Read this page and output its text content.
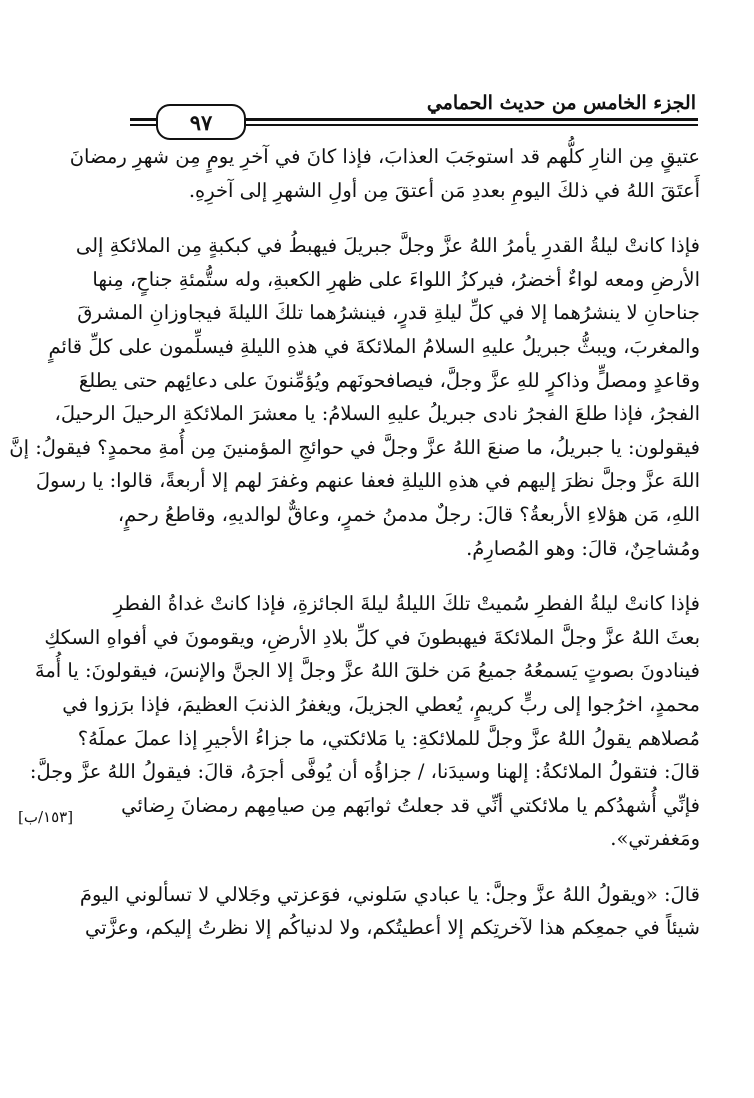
الجزء الخامس من حديث الحمامي
٩٧
[١٥٣/ب]
عتيقٍ مِن النارِ كلُّهم قد استوجَبَ العذابَ، فإذا كانَ في آخرِ يومٍ مِن شهرِ رمضانَ
أَعتَقَ اللهُ في ذلكَ اليومِ بعددِ مَن أعتقَ مِن أولِ الشهرِ إلى آخرِهِ.
فإذا كانتْ ليلةُ القدرِ يأمرُ اللهُ عزَّ وجلَّ جبريلَ فيهبطُ في كبكبةٍ مِن الملائكةِ إلى
الأرضِ ومعه لواءٌ أخضرُ، فيركزُ اللواءَ على ظهرِ الكعبةِ، وله ستُّمئةِ جناحٍ، مِنها
جناحانِ لا ينشرُهما إلا في كلِّ ليلةِ قدرٍ، فينشرُهما تلكَ الليلةَ فيجاوزانِ المشرقَ
والمغربَ، ويبثُّ جبريلُ عليهِ السلامُ الملائكةَ في هذهِ الليلةِ فيسلِّمون على كلِّ قائمٍ
وقاعدٍ ومصلٍّ وذاكرٍ للهِ عزَّ وجلَّ، فيصافحونَهم ويُؤمِّنونَ على دعائِهم حتى يطلعَ
الفجرُ، فإذا طلعَ الفجرُ نادى جبريلُ عليهِ السلامُ: يا معشرَ الملائكةِ الرحيلَ الرحيلَ،
فيقولون: يا جبريلُ، ما صنعَ اللهُ عزَّ وجلَّ في حوائجِ المؤمنينَ مِن أُمةِ محمدٍ؟ فيقولُ: إنَّ
اللهَ عزَّ وجلَّ نظرَ إليهم في هذهِ الليلةِ فعفا عنهم وغفرَ لهم إلا أربعةً، قالوا: يا رسولَ
اللهِ، مَن هؤلاءِ الأربعةُ؟ قالَ: رجلٌ مدمنُ خمرٍ، وعاقٌّ لوالديهِ، وقاطعُ رحمٍ،
ومُشاحِنٌ، قالَ: وهو المُصارِمُ.
فإذا كانتْ ليلةُ الفطرِ سُميتْ تلكَ الليلةُ ليلةَ الجائزةِ، فإذا كانتْ غداةُ الفطرِ
بعثَ اللهُ عزَّ وجلَّ الملائكةَ فيهبطونَ في كلِّ بلادِ الأرضِ، ويقومونَ في أفواهِ السككِ
فينادونَ بصوتٍ يَسمعُهُ جميعُ مَن خلقَ اللهُ عزَّ وجلَّ إلا الجنَّ والإنسَ، فيقولونَ: يا أُمةَ
محمدٍ، اخرُجوا إلى ربٍّ كريمٍ، يُعطي الجزيلَ، ويغفرُ الذنبَ العظيمَ، فإذا برَزوا في
مُصلاهم يقولُ اللهُ عزَّ وجلَّ للملائكةِ: يا مَلائكتي، ما جزاءُ الأجيرِ إذا عملَ عملَهُ؟
قالَ: فتقولُ الملائكةُ: إلهنا وسيدَنا، / جزاؤُه أن يُوفَّى أجرَهُ، قالَ: فيقولُ اللهُ عزَّ وجلَّ:
فإنِّي أُشهدُكم يا ملائكتي أنِّي قد جعلتُ ثوابَهم مِن صيامِهم رمضانَ رِضائي
ومَغفرتي».
قالَ: «ويقولُ اللهُ عزَّ وجلَّ: يا عبادي سَلوني، فوَعزتي وجَلالي لا تسألوني اليومَ
شيئاً في جمعِكم هذا لآخرتِكم إلا أعطيتُكم، ولا لدنياكُم إلا نظرتُ إليكم، وعزَّتي
